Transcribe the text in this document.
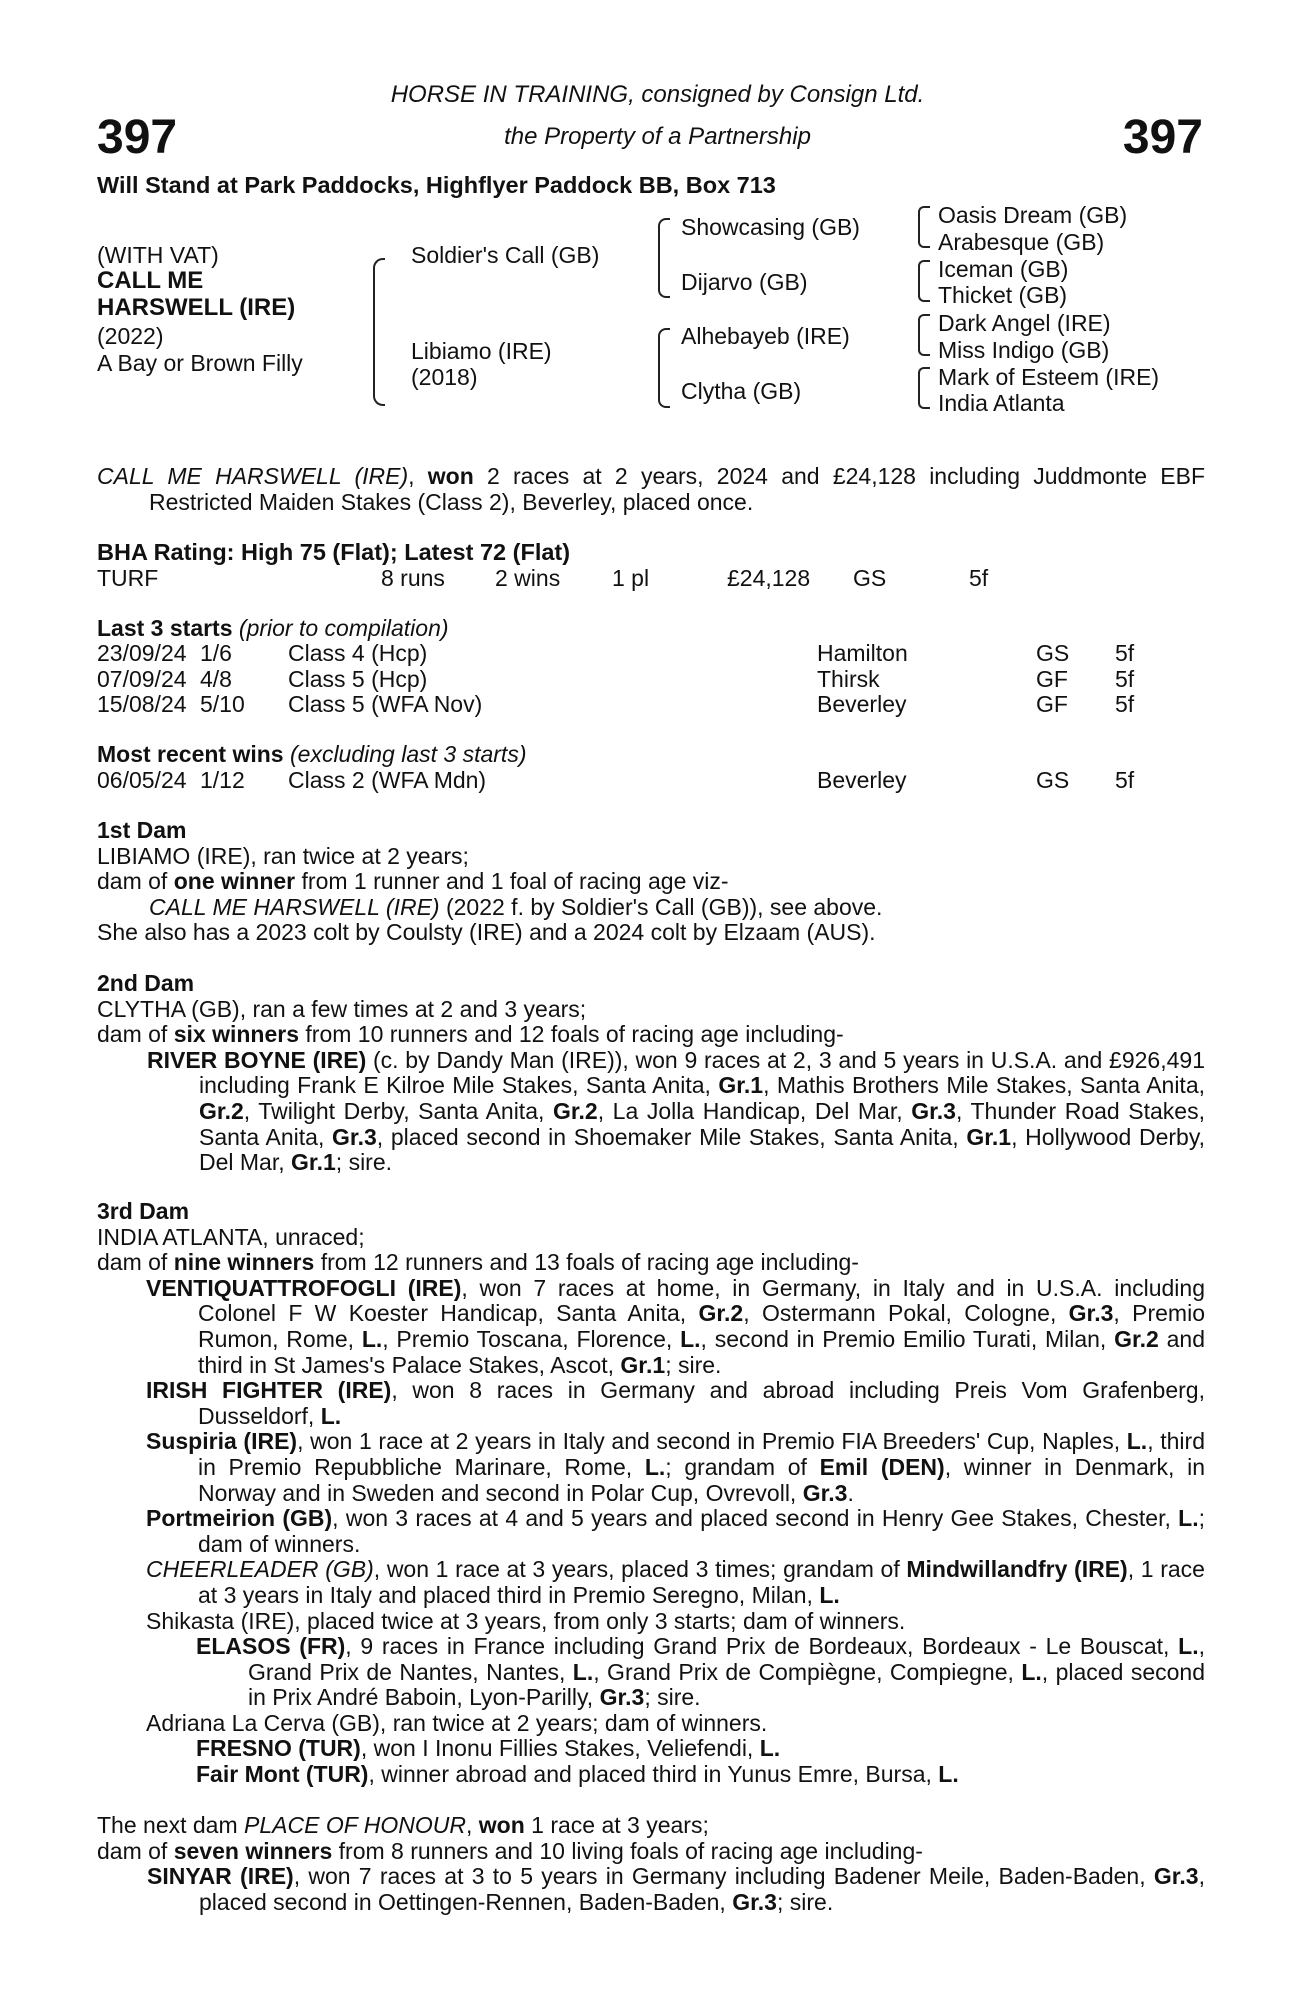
397	397
HORSE IN TRAINING, consigned by Consign Ltd.
the Property of a Partnership
Will Stand at Park Paddocks, Highflyer Paddock BB, Box 713
(WITH VAT)
CALL ME
HARSWELL (IRE)
(2022)
A Bay or Brown Filly
Soldier's Call (GB)
Libiamo (IRE)
(2018)
Showcasing (GB)
Dijarvo (GB)
Alhebayeb (IRE)
Clytha (GB)
Oasis Dream (GB)
Arabesque (GB)
Iceman (GB)
Thicket (GB)
Dark Angel (IRE)
Miss Indigo (GB)
Mark of Esteem (IRE)
India Atlanta
CALL ME HARSWELL (IRE), won 2 races at 2 years, 2024 and £24,128 including Juddmonte EBF Restricted Maiden Stakes (Class 2), Beverley, placed once.
BHA Rating: High 75 (Flat); Latest 72 (Flat)
TURF	8 runs 2 wins 1 pl	£24,128 GS	5f
Last 3 starts (prior to compilation)
23/09/24 1/6 Class 4 (Hcp)	Hamilton	GS 5f
07/09/24 4/8 Class 5 (Hcp)	Thirsk	GF 5f
15/08/24 5/10 Class 5 (WFA Nov)	Beverley	GF 5f
Most recent wins (excluding last 3 starts)
06/05/24 1/12 Class 2 (WFA Mdn)	Beverley	GS 5f
1st Dam
LIBIAMO (IRE), ran twice at 2 years;
dam of one winner from 1 runner and 1 foal of racing age viz-
CALL ME HARSWELL (IRE) (2022 f. by Soldier's Call (GB)), see above.
She also has a 2023 colt by Coulsty (IRE) and a 2024 colt by Elzaam (AUS).
2nd Dam
CLYTHA (GB), ran a few times at 2 and 3 years;
dam of six winners from 10 runners and 12 foals of racing age including-
RIVER BOYNE (IRE) (c. by Dandy Man (IRE)), won 9 races at 2, 3 and 5 years in U.S.A. and £926,491 including Frank E Kilroe Mile Stakes, Santa Anita, Gr.1, Mathis Brothers Mile Stakes, Santa Anita, Gr.2, Twilight Derby, Santa Anita, Gr.2, La Jolla Handicap, Del Mar, Gr.3, Thunder Road Stakes, Santa Anita, Gr.3, placed second in Shoemaker Mile Stakes, Santa Anita, Gr.1, Hollywood Derby, Del Mar, Gr.1; sire.
3rd Dam
INDIA ATLANTA, unraced;
dam of nine winners from 12 runners and 13 foals of racing age including-
VENTIQUATTROFOGLI (IRE), won 7 races at home, in Germany, in Italy and in U.S.A. including Colonel F W Koester Handicap, Santa Anita, Gr.2, Ostermann Pokal, Cologne, Gr.3, Premio Rumon, Rome, L., Premio Toscana, Florence, L., second in Premio Emilio Turati, Milan, Gr.2 and third in St James's Palace Stakes, Ascot, Gr.1; sire.
IRISH FIGHTER (IRE), won 8 races in Germany and abroad including Preis Vom Grafenberg, Dusseldorf, L.
Suspiria (IRE), won 1 race at 2 years in Italy and second in Premio FIA Breeders' Cup, Naples, L., third in Premio Repubbliche Marinare, Rome, L.; grandam of Emil (DEN), winner in Denmark, in Norway and in Sweden and second in Polar Cup, Ovrevoll, Gr.3.
Portmeirion (GB), won 3 races at 4 and 5 years and placed second in Henry Gee Stakes, Chester, L.; dam of winners.
CHEERLEADER (GB), won 1 race at 3 years, placed 3 times; grandam of Mindwillandfry (IRE), 1 race at 3 years in Italy and placed third in Premio Seregno, Milan, L.
Shikasta (IRE), placed twice at 3 years, from only 3 starts; dam of winners.
ELASOS (FR), 9 races in France including Grand Prix de Bordeaux, Bordeaux - Le Bouscat, L., Grand Prix de Nantes, Nantes, L., Grand Prix de Compiègne, Compiegne, L., placed second in Prix André Baboin, Lyon-Parilly, Gr.3; sire.
Adriana La Cerva (GB), ran twice at 2 years; dam of winners.
FRESNO (TUR), won I Inonu Fillies Stakes, Veliefendi, L.
Fair Mont (TUR), winner abroad and placed third in Yunus Emre, Bursa, L.
The next dam PLACE OF HONOUR, won 1 race at 3 years;
dam of seven winners from 8 runners and 10 living foals of racing age including-
SINYAR (IRE), won 7 races at 3 to 5 years in Germany including Badener Meile, Baden-Baden, Gr.3, placed second in Oettingen-Rennen, Baden-Baden, Gr.3; sire.
